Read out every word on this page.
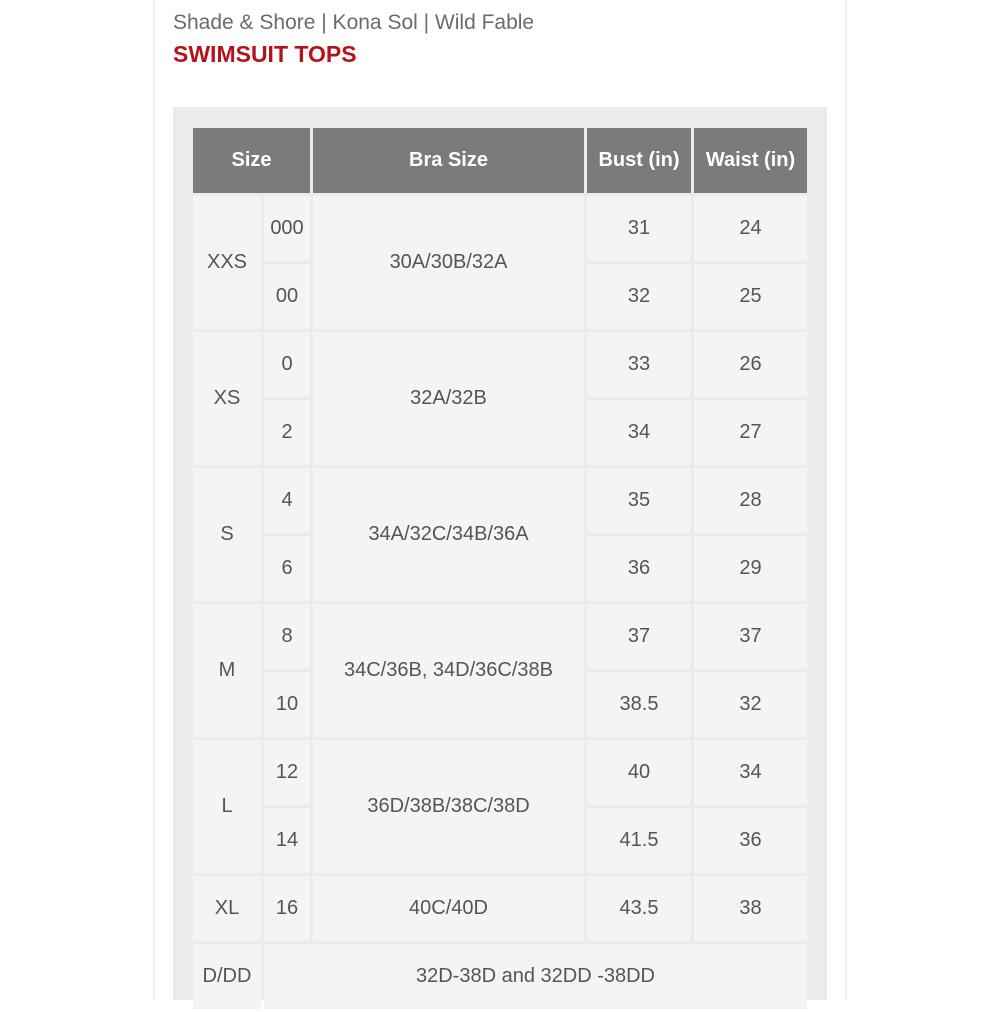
Shade & Shore | Kona Sol | Wild Fable
SWIMSUIT TOPS
Size		Bra Size	Bust (in)	Waist (in)
XXS	000	30A/30B/32A	31	24
	00		32	25
XS	0	32A/32B	33	26
	2		34	27
S	4	34A/32C/34B/36A	35	28
	6		36	29
M	8	34C/36B, 34D/36C/38B	37	37
	10		38.5	32
L	12	36D/38B/38C/38D	40	34
	14		41.5	36
XL	16	40C/40D	43.5	38
D/DD	32D-38D and 32DD -38DD			
